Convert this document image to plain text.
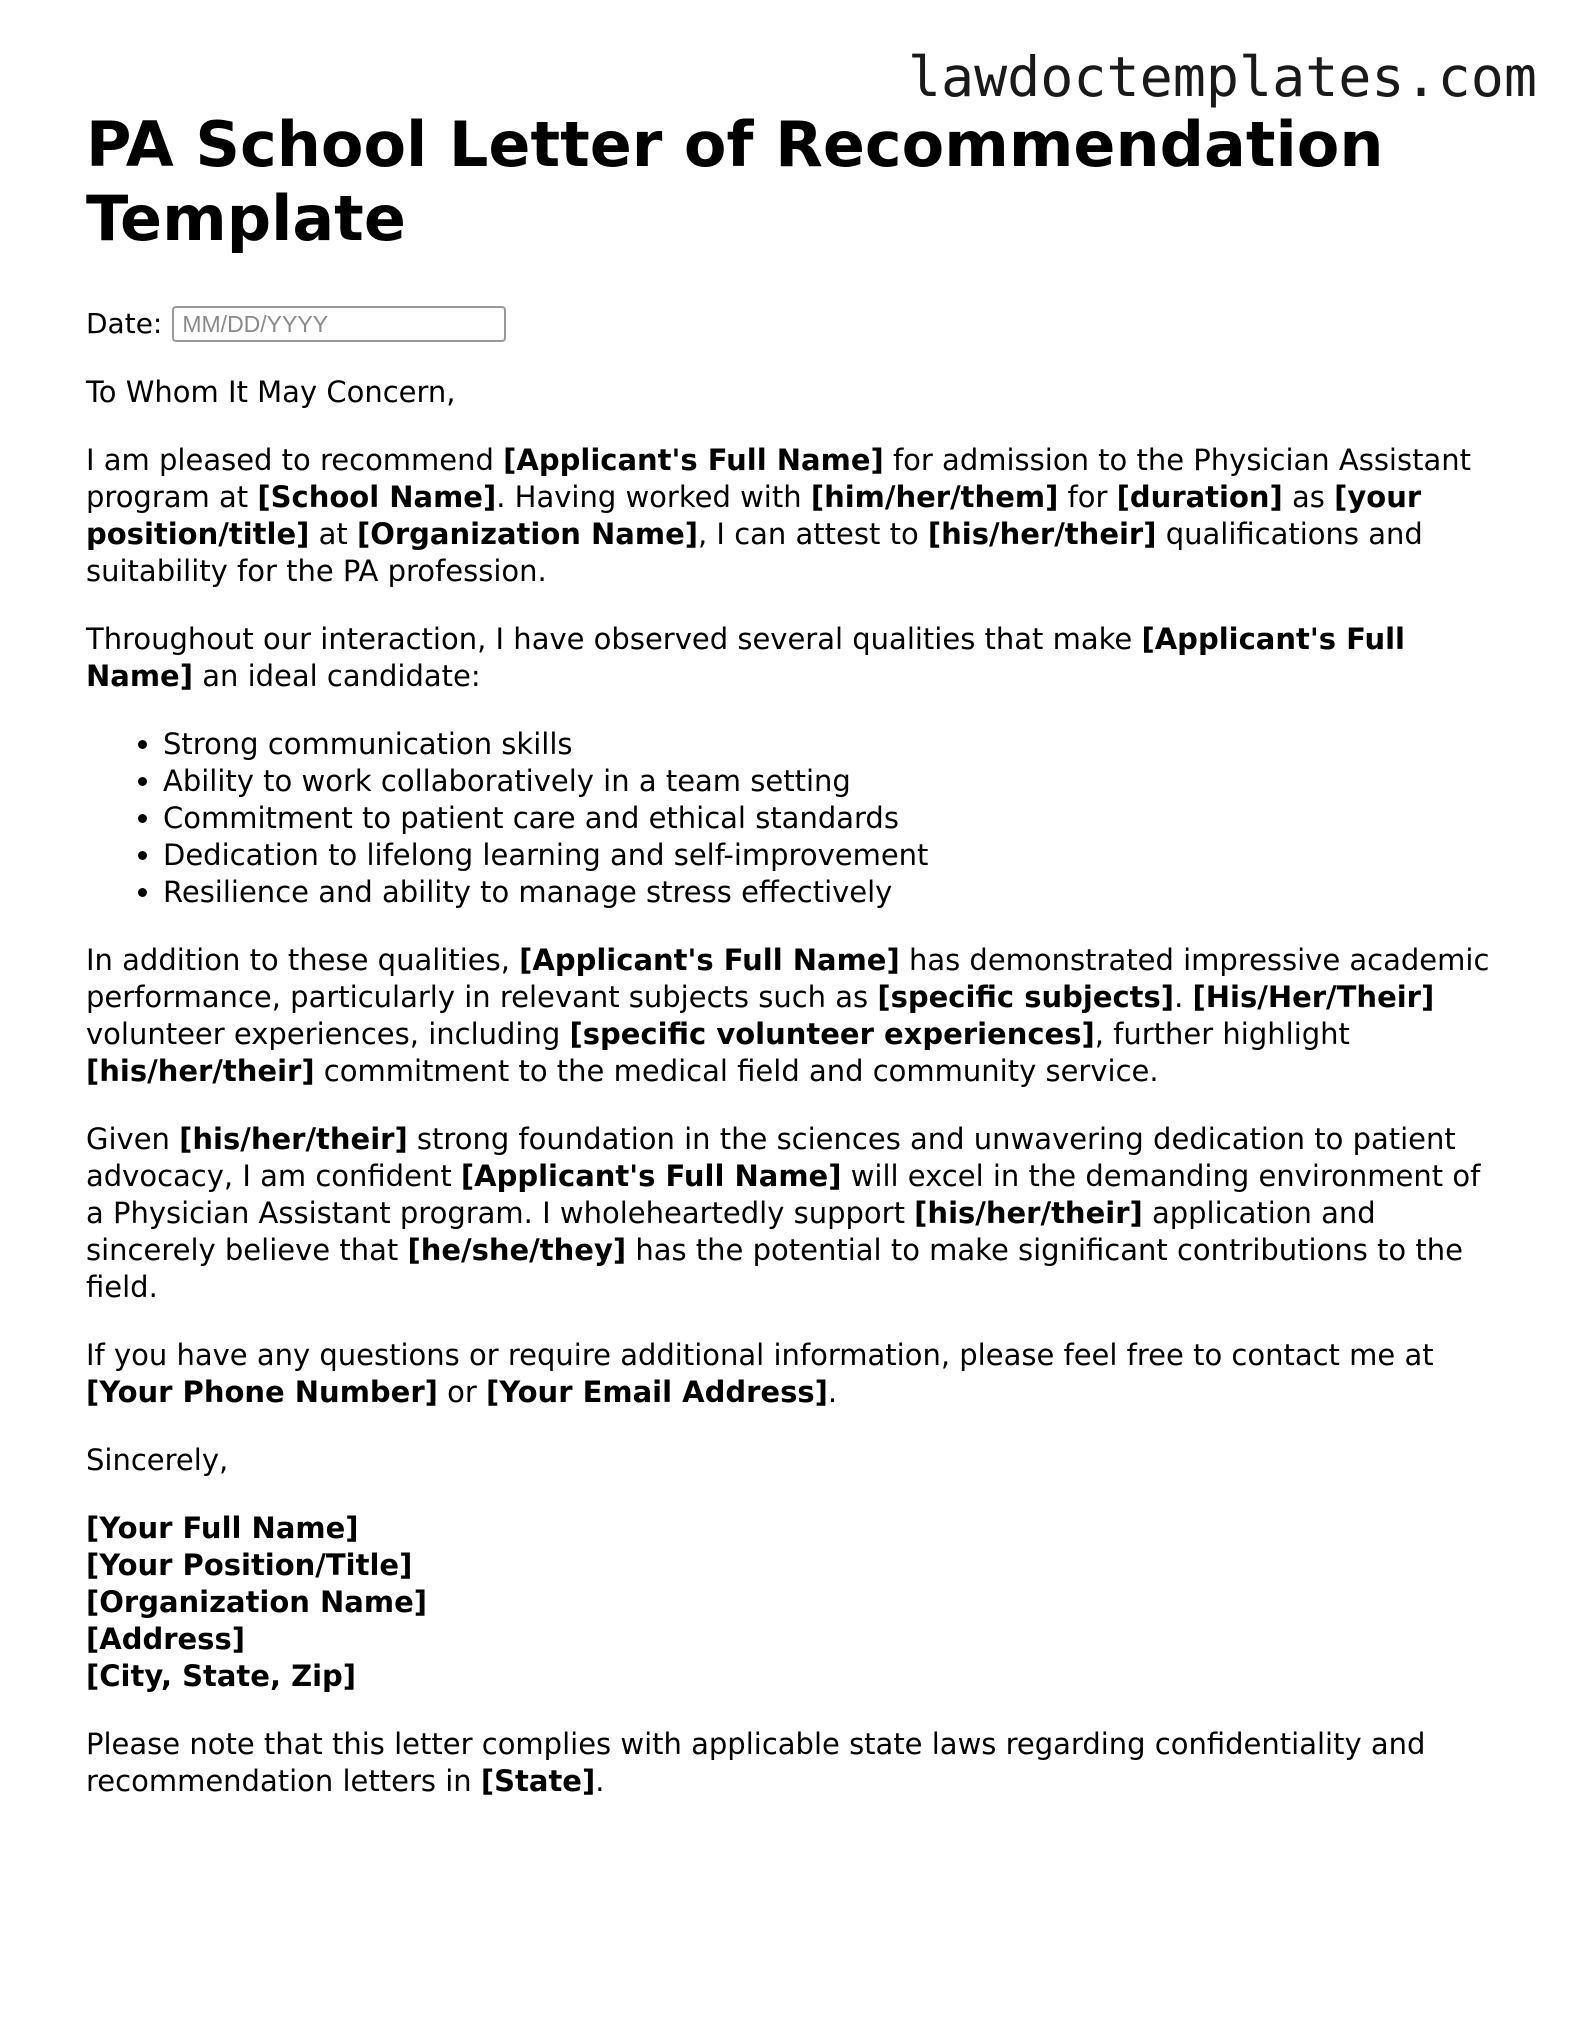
lawdoctemplates.com
PA School Letter of Recommendation Template
Date:
MM/DD/YYYY

To Whom It May Concern,

I am pleased to recommend [Applicant's Full Name] for admission to the Physician Assistant program at [School Name]. Having worked with [him/her/them] for [duration] as [your position/title] at [Organization Name], I can attest to [his/her/their] qualifications and suitability for the PA profession.

Throughout our interaction, I have observed several qualities that make [Applicant's Full Name] an ideal candidate:

• Strong communication skills
• Ability to work collaboratively in a team setting
• Commitment to patient care and ethical standards
• Dedication to lifelong learning and self-improvement
• Resilience and ability to manage stress effectively

In addition to these qualities, [Applicant's Full Name] has demonstrated impressive academic performance, particularly in relevant subjects such as [specific subjects]. [His/Her/Their] volunteer experiences, including [specific volunteer experiences], further highlight [his/her/their] commitment to the medical field and community service.

Given [his/her/their] strong foundation in the sciences and unwavering dedication to patient advocacy, I am confident [Applicant's Full Name] will excel in the demanding environment of a Physician Assistant program. I wholeheartedly support [his/her/their] application and sincerely believe that [he/she/they] has the potential to make significant contributions to the field.

If you have any questions or require additional information, please feel free to contact me at [Your Phone Number] or [Your Email Address].

Sincerely,

[Your Full Name]
[Your Position/Title]
[Organization Name]
[Address]
[City, State, Zip]

Please note that this letter complies with applicable state laws regarding confidentiality and recommendation letters in [State].
